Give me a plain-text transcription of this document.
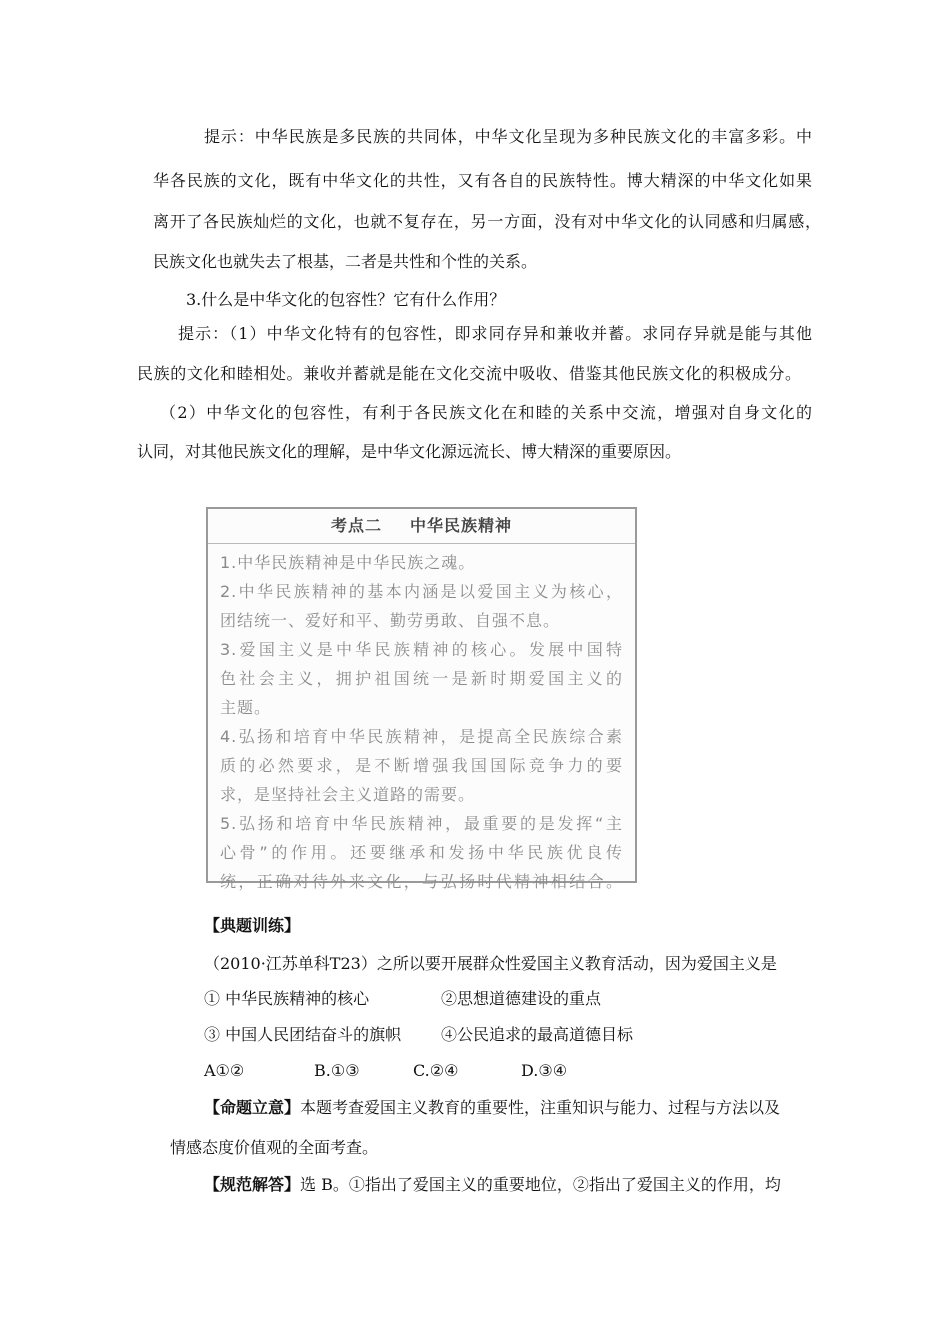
提示：中华民族是多民族的共同体，中华文化呈现为多种民族文化的丰富多彩。中
华各民族的文化，既有中华文化的共性，又有各自的民族特性。博大精深的中华文化如果
离开了各民族灿烂的文化，也就不复存在，另一方面，没有对中华文化的认同感和归属感，
民族文化也就失去了根基，二者是共性和个性的关系。
3.什么是中华文化的包容性？它有什么作用？
提示：（1）中华文化特有的包容性，即求同存异和兼收并蓄。求同存异就是能与其他
民族的文化和睦相处。兼收并蓄就是能在文化交流中吸收、借鉴其他民族文化的积极成分。
（2）中华文化的包容性，有利于各民族文化在和睦的关系中交流，增强对自身文化的
认同，对其他民族文化的理解，是中华文化源远流长、博大精深的重要原因。
考点二 中华民族精神
1.中华民族精神是中华民族之魂。
2.中华民族精神的基本内涵是以爱国主义为核心，
团结统一、爱好和平、勤劳勇敢、自强不息。
3.爱国主义是中华民族精神的核心。发展中国特
色社会主义，拥护祖国统一是新时期爱国主义的
主题。
4.弘扬和培育中华民族精神，是提高全民族综合素
质的必然要求，是不断增强我国国际竞争力的要
求，是坚持社会主义道路的需要。
5.弘扬和培育中华民族精神，最重要的是发挥“主
心骨”的作用。还要继承和发扬中华民族优良传
统，正确对待外来文化，与弘扬时代精神相结合。
【典题训练】
（2010·江苏单科T23）之所以要开展群众性爱国主义教育活动，因为爱国主义是
① 中华民族精神的核心	②思想道德建设的重点
③ 中国人民团结奋斗的旗帜 ④公民追求的最高道德目标
A①②	B.①③	C.②④	D.③④
【命题立意】本题考查爱国主义教育的重要性，注重知识与能力、过程与方法以及
情感态度价值观的全面考查。
【规范解答】选 B。①指出了爱国主义的重要地位，②指出了爱国主义的作用，均
